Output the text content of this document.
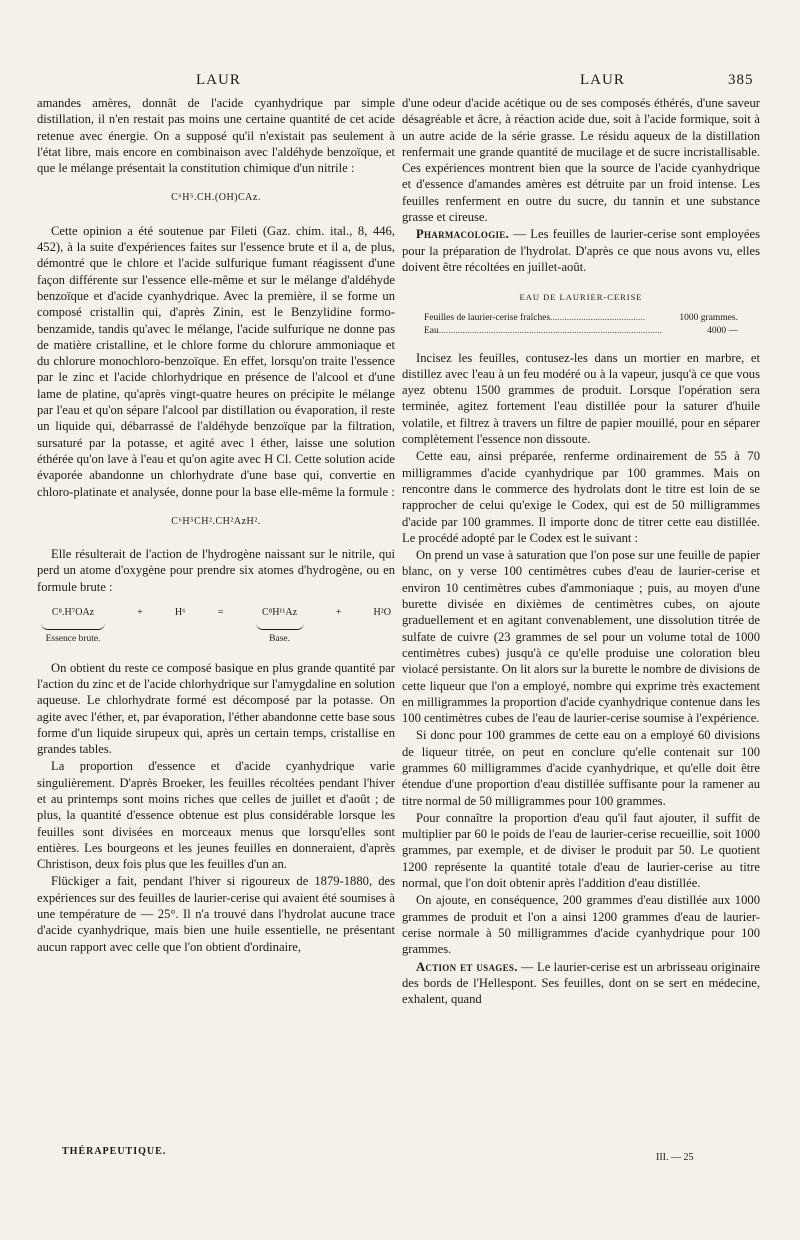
LAUR	LAUR	385

amandes amères, donnât de l'acide cyanhydrique par simple distillation, il n'en restait pas moins une certaine quantité de cet acide retenue avec énergie. On a supposé qu'il n'existait pas seulement à l'état libre, mais encore en combinaison avec l'aldéhyde benzoïque, et que le mélange présentait la constitution chimique d'un nitrile :

C⁶H⁵.CH.(OH)CAz.

Cette opinion a été soutenue par Fileti (Gaz. chim. ital., 8, 446, 452), à la suite d'expériences faites sur l'essence brute et il a, de plus, démontré que le chlore et l'acide sulfurique fumant réagissent d'une façon différente sur l'essence elle-même et sur le mélange d'aldéhyde benzoïque et d'acide cyanhydrique. Avec la première, il se forme un composé cristallin qui, d'après Zinin, est le Benzylidine formo-benzamide, tandis qu'avec le mélange, l'acide sulfurique ne donne pas de matière cristalline, et le chlore forme du chlorure ammoniaque et du chlorure monochloro-benzoïque. En effet, lorsqu'on traite l'essence par le zinc et l'acide chlorhydrique en présence de l'alcool et d'une lame de platine, qu'après vingt-quatre heures on précipite le mélange par l'eau et qu'on sépare l'alcool par distillation ou évaporation, il reste un liquide qui, débarrassé de l'aldéhyde benzoïque par la filtration, sursaturé par la potasse, et agité avec l éther, laisse une solution éthérée qu'on lave à l'eau et qu'on agite avec H Cl. Cette solution acide évaporée abandonne un chlorhydrate d'une base qui, convertie en chloro-platinate et analysée, donne pour la base elle-même la formule :

C⁶H⁵CH².CH²AzH².

Elle résulterait de l'action de l'hydrogène naissant sur le nitrile, qui perd un atome d'oxygène pour prendre six atomes d'hydrogène, ou en formule brute :

C⁸.H⁷OAz
Essence brute.
+	H⁶	=	C⁸H¹¹Az
Base.
+	H²O

On obtient du reste ce composé basique en plus grande quantité par l'action du zinc et de l'acide chlorhydrique sur l'amygdaline en solution aqueuse. Le chlorhydrate formé est décomposé par la potasse. On agite avec l'éther, et, par évaporation, l'éther abandonne cette base sous forme d'un liquide sirupeux qui, après un certain temps, cristallise en grandes tables.

La proportion d'essence et d'acide cyanhydrique varie singulièrement. D'après Broeker, les feuilles récoltées pendant l'hiver et au printemps sont moins riches que celles de juillet et d'août ; de plus, la quantité d'essence obtenue est plus considérable lorsque les feuilles sont divisées en morceaux menus que lorsqu'elles sont entières. Les bourgeons et les jeunes feuilles en donneraient, d'après Christison, deux fois plus que les feuilles d'un an.

Flückiger a fait, pendant l'hiver si rigoureux de 1879-1880, des expériences sur des feuilles de laurier-cerise qui avaient été soumises à une température de — 25°. Il n'a trouvé dans l'hydrolat aucune trace d'acide cyanhydrique, mais bien une huile essentielle, ne présentant aucun rapport avec celle que l'on obtient d'ordinaire,

d'une odeur d'acide acétique ou de ses composés éthérés, d'une saveur désagréable et âcre, à réaction acide due, soit à l'acide formique, soit à un autre acide de la série grasse. Le résidu aqueux de la distillation renfermait une grande quantité de mucilage et de sucre incristallisable. Ces expériences montrent bien que la source de l'acide cyanhydrique et d'essence d'amandes amères est détruite par un froid intense. Les feuilles renferment en outre du sucre, du tannin et une substance grasse et cireuse.

Pharmacologie. — Les feuilles de laurier-cerise sont employées pour la préparation de l'hydrolat. D'après ce que nous avons vu, elles doivent être récoltées en juillet-août.

EAU DE LAURIER-CERISE
Feuilles de laurier-cerise fraîches ........................................	1000 grammes.
Eau ..............................................................................................	4000 —

Incisez les feuilles, contusez-les dans un mortier en marbre, et distillez avec l'eau à un feu modéré ou à la vapeur, jusqu'à ce que vous ayez obtenu 1500 grammes de produit. Lorsque l'opération sera terminée, agitez fortement l'eau distillée pour la saturer d'huile volatile, et filtrez à travers un filtre de papier mouillé, pour en séparer complètement l'essence non dissoute.

Cette eau, ainsi préparée, renferme ordinairement de 55 à 70 milligrammes d'acide cyanhydrique par 100 grammes. Mais on rencontre dans le commerce des hydrolats dont le titre est loin de se rapprocher de celui qu'exige le Codex, qui est de 50 milligrammes d'acide par 100 grammes. Il importe donc de titrer cette eau distillée. Le procédé adopté par le Codex est le suivant :

On prend un vase à saturation que l'on pose sur une feuille de papier blanc, on y verse 100 centimètres cubes d'eau de laurier-cerise et environ 10 centimètres cubes d'ammoniaque ; puis, au moyen d'une burette divisée en dixièmes de centimètres cubes, on ajoute graduellement et en agitant convenablement, une dissolution titrée de sulfate de cuivre (23 grammes de sel pour un volume total de 1000 centimètres cubes) jusqu'à ce qu'elle produise une coloration bleu violacé persistante. On lit alors sur la burette le nombre de divisions de cette liqueur que l'on a employé, nombre qui exprime très exactement en milligrammes la proportion d'acide cyanhydrique contenue dans les 100 centimètres cubes de l'eau de laurier-cerise soumise à l'expérience.

Si donc pour 100 grammes de cette eau on a employé 60 divisions de liqueur titrée, on peut en conclure qu'elle contenait sur 100 grammes 60 milligrammes d'acide cyanhydrique, et qu'elle doit être étendue d'une proportion d'eau distillée suffisante pour la ramener au titre normal de 50 milligrammes pour 100 grammes.

Pour connaître la proportion d'eau qu'il faut ajouter, il suffit de multiplier par 60 le poids de l'eau de laurier-cerise recueillie, soit 1000 grammes, par exemple, et de diviser le produit par 50. Le quotient 1200 représente la quantité totale d'eau de laurier-cerise au titre normal, que l'on doit obtenir après l'addition d'eau distillée.

On ajoute, en conséquence, 200 grammes d'eau distillée aux 1000 grammes de produit et l'on a ainsi 1200 grammes d'eau de laurier-cerise normale à 50 milligrammes d'acide cyanhydrique pour 100 grammes.

Action et usages. — Le laurier-cerise est un arbrisseau originaire des bords de l'Hellespont. Ses feuilles, dont on se sert en médecine, exhalent, quand

THÉRAPEUTIQUE.
III. — 25
